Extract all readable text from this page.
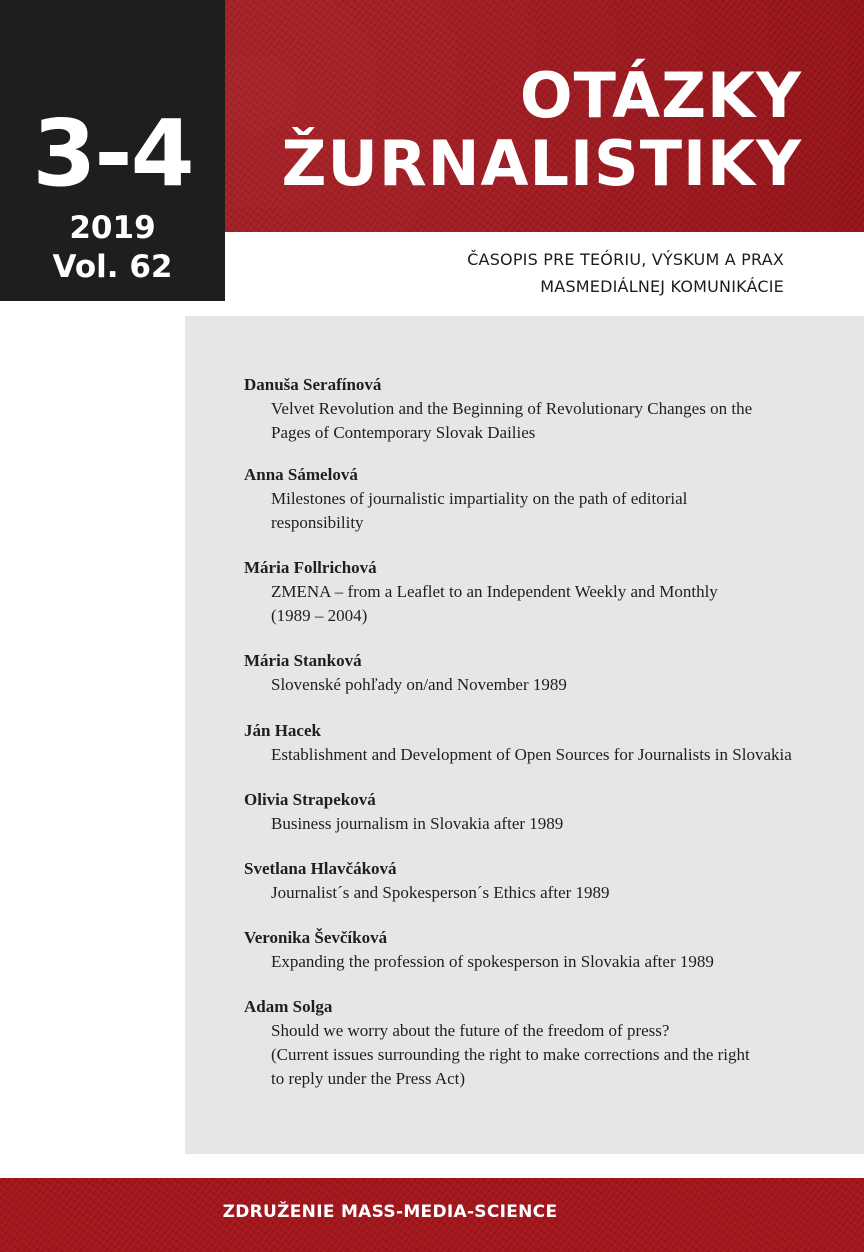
3-4
2019
Vol. 62
OTÁZKY
ŽURNALISTIKY
ČASOPIS PRE TEÓRIU, VÝSKUM A PRAX
MASMEDIÁLNEJ KOMUNIKÁCIE
Danuša Serafínová
Velvet Revolution and the Beginning of Revolutionary Changes on the
Pages of Contemporary Slovak Dailies
Anna Sámelová
Milestones of journalistic impartiality on the path of editorial
responsibility
Mária Follrichová
ZMENA – from a Leaflet to an Independent Weekly and Monthly
(1989 – 2004)
Mária Stanková
Slovenské pohľady on/and November 1989
Ján Hacek
Establishment and Development of Open Sources for Journalists in Slovakia
Olivia Strapeková
Business journalism in Slovakia after 1989
Svetlana Hlavčáková
Journalist´s and Spokesperson´s Ethics after 1989
Veronika Ševčíková
Expanding the profession of spokesperson in Slovakia after 1989
Adam Solga
Should we worry about the future of the freedom of press?
(Current issues surrounding the right to make corrections and the right
to reply under the Press Act)
ZDRUŽENIE MASS-MEDIA-SCIENCE
